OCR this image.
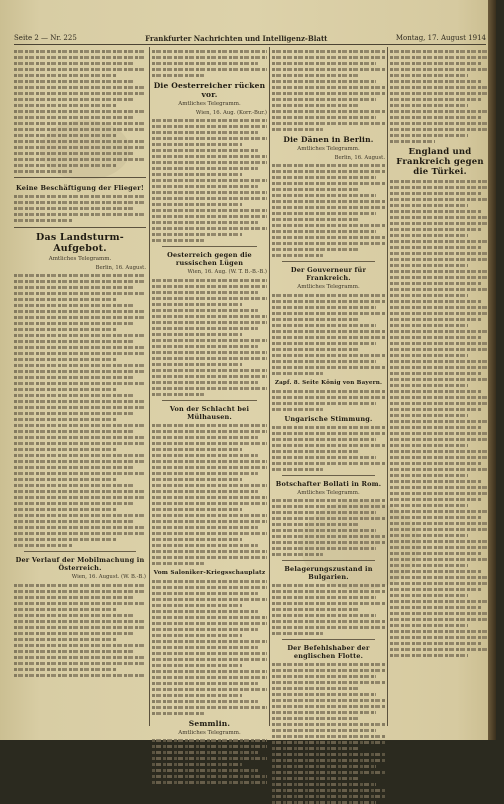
Seite 2 — Nr. 225	Frankfurter Nachrichten und Intelligenz-Blatt	Montag, 17. August 1914
Keine Beschäftigung der Flieger!
Das Landsturm-Aufgebot.
Amtliches Telegramm.
Berlin, 16. August.
Der Verlauf der Mobilmachung in Österreich.
Wien, 16. August. (W. B.-B.)
Die Oesterreicher rücken vor.
Amtliches Telegramm.
Wien, 16. Aug. (Korr.-Bur.)
Oesterreich gegen die russischen Lügen
Wien, 16. Aug. (W. T. B.-B.-B.)
Von der Schlacht bei Mülhausen.
Vom Saloniker-Kriegsschauplatz
Semmlin.
Amtliches Telegramm.
Die Dänen in Berlin.
Amtliches Telegramm.
Berlin, 16. August.
Der Gouverneur für Frankreich.
Amtliches Telegramm.
Zapf. 8. Seite König von Bayern.
Ungarische Stimmung.
Botschafter Bollati in Rom.
Amtliches Telegramm.
Belagerungszustand in Bulgarien.
Der Befehlshaber der englischen Flotte.
England und Frankreich gegen die Türkei.
